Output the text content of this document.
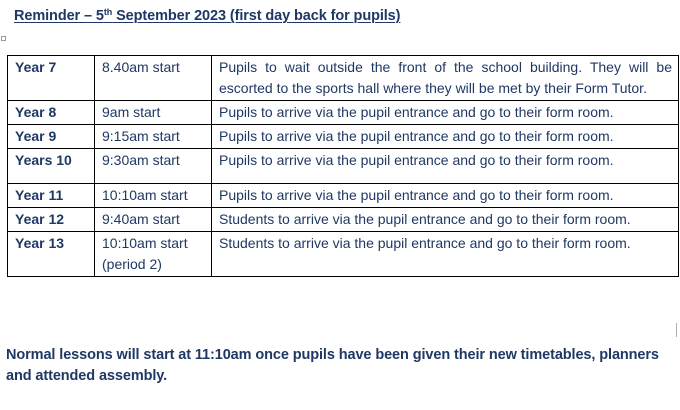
Reminder – 5th September 2023 (first day back for pupils)
Year 7	8.40am start	Pupils to wait outside the front of the school building. They will be escorted to the sports hall where they will be met by their Form Tutor.
Year 8	9am start	Pupils to arrive via the pupil entrance and go to their form room.
Year 9	9:15am start	Pupils to arrive via the pupil entrance and go to their form room.
Years 10	9:30am start	Pupils to arrive via the pupil entrance and go to their form room.
Year 11	10:10am start	Pupils to arrive via the pupil entrance and go to their form room.
Year 12	9:40am start	Students to arrive via the pupil entrance and go to their form room.
Year 13	10:10am start (period 2)	Students to arrive via the pupil entrance and go to their form room.
Normal lessons will start at 11:10am once pupils have been given their new timetables, planners and attended assembly.
